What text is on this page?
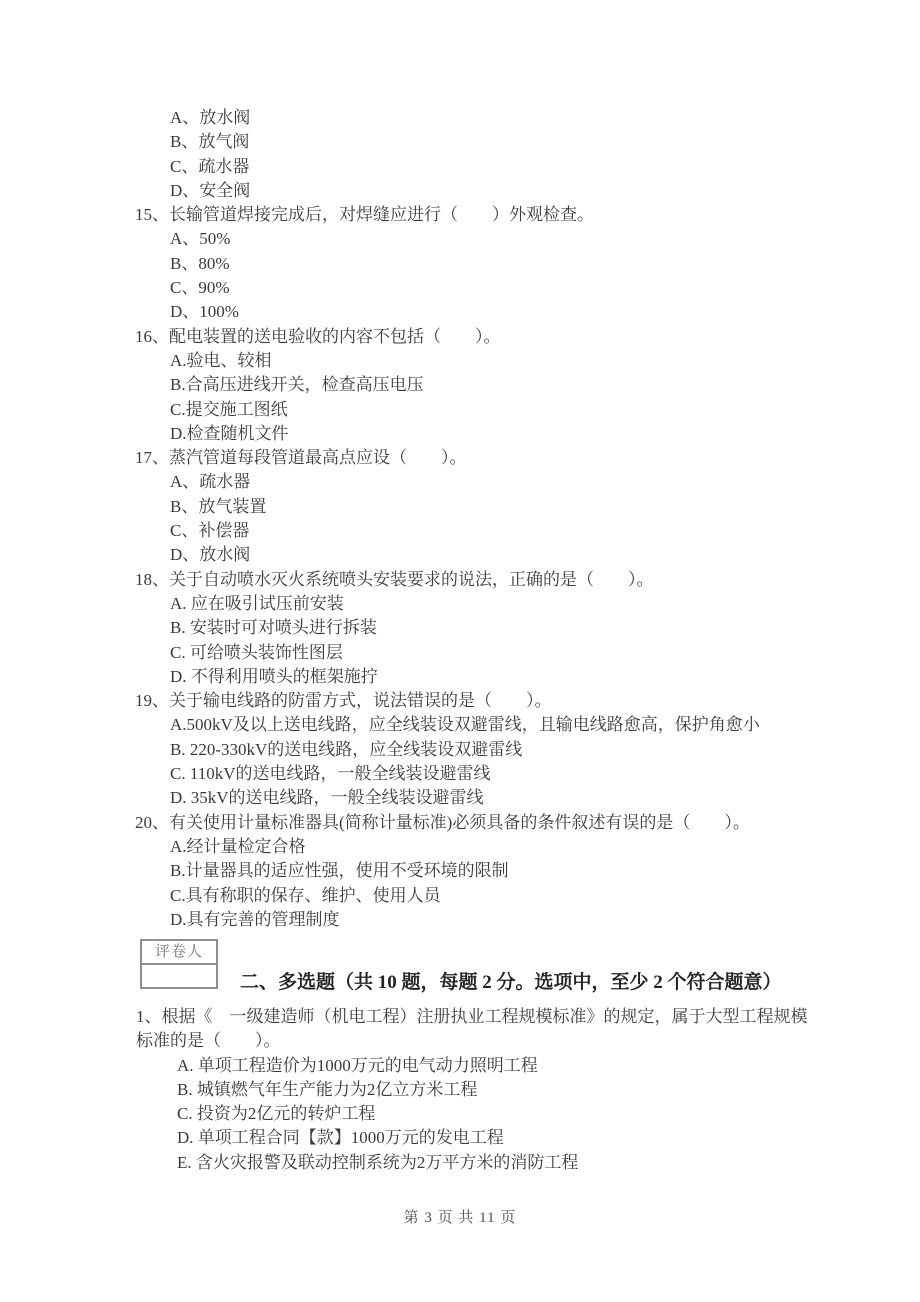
A、放水阀
B、放气阀
C、疏水器
D、安全阀
15、长输管道焊接完成后，对焊缝应进行（　　）外观检查。
A、50%
B、80%
C、90%
D、100%
16、配电装置的送电验收的内容不包括（　　）。
A.验电、较相
B.合高压进线开关，检查高压电压
C.提交施工图纸
D.检查随机文件
17、蒸汽管道每段管道最高点应设（　　）。
A、疏水器
B、放气装置
C、补偿器
D、放水阀
18、关于自动喷水灭火系统喷头安装要求的说法，正确的是（　　）。
A. 应在吸引试压前安装
B. 安装时可对喷头进行拆装
C. 可给喷头装饰性图层
D. 不得利用喷头的框架施拧
19、关于输电线路的防雷方式，说法错误的是（　　）。
A.500kV及以上送电线路，应全线装设双避雷线，且输电线路愈高，保护角愈小
B. 220-330kV的送电线路，应全线装设双避雷线
C. 110kV的送电线路，一般全线装设避雷线
D. 35kV的送电线路，一般全线装设避雷线
20、有关使用计量标准器具(简称计量标准)必须具备的条件叙述有误的是（　　）。
A.经计量检定合格
B.计量器具的适应性强，使用不受环境的限制
C.具有称职的保存、维护、使用人员
D.具有完善的管理制度
评卷人
二、多选题（共 10 题，每题 2 分。选项中，至少 2 个符合题意）
1、根据《　一级建造师（机电工程）注册执业工程规模标准》的规定，属于大型工程规模标准的是（　　）。
A. 单项工程造价为1000万元的电气动力照明工程
B. 城镇燃气年生产能力为2亿立方米工程
C. 投资为2亿元的转炉工程
D. 单项工程合同【款】1000万元的发电工程
E. 含火灾报警及联动控制系统为2万平方米的消防工程
第 3 页 共 11 页
